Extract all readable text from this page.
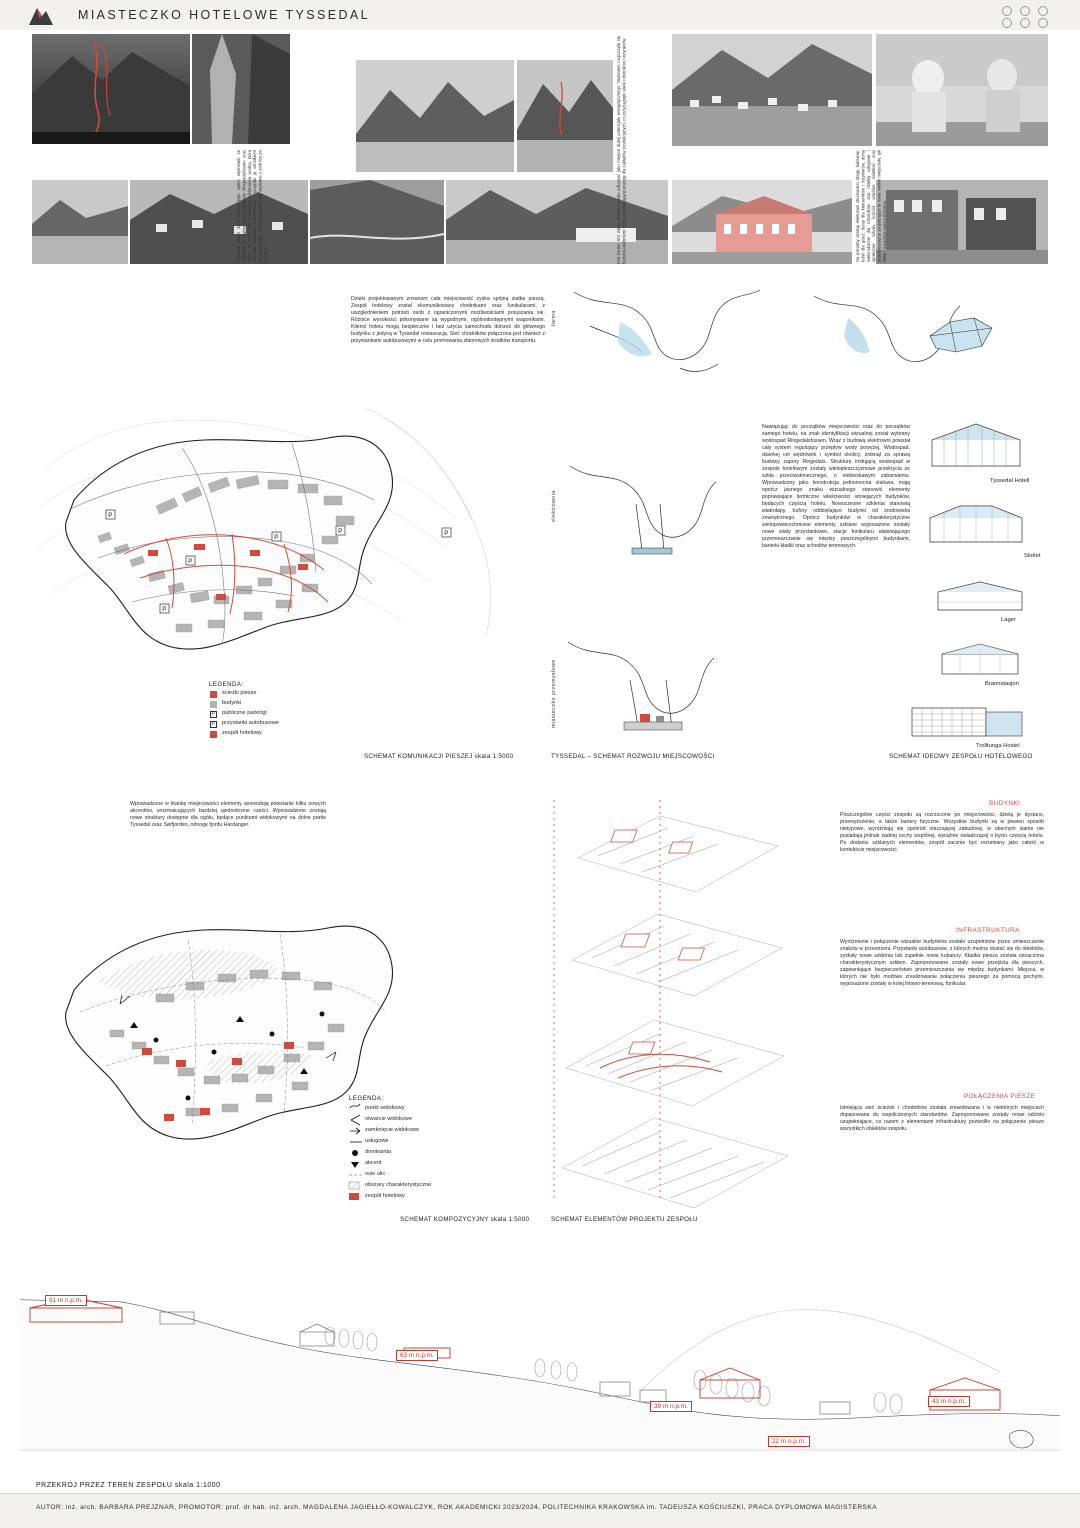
MIASTECZKO HOTELOWE TYSSEDAL
Tyssedal przed 1900 rokiem było celem wędrówek ze względu na malownicze wodospady Ringedalsfossen oraz Tysso. W 1906 roku zbudowano elektrownię wodną, która zmieniła charakter miejscowości i uczyniła ją ośrodkiem przemysłowym. Baza wypadowa była zapisana z podróży po Norwegii.	Pod koniec XIX wieku okolica zaczęła odkrywać jako miejsce dużej potencjału energetycznego. Nadaniem rozpoczęła się budowa elektrowni Tyssø, zapewniającej energię dla zakładów produkcyjnych, co przyciągnęło wielu robotników i inżynierów.	Na potrzeby obsługi elektrowni zbudowano drogę, ładownię, hotel dla gości, domy dla kierowników i inżynierów, domy wielorodzinne dla robotników oraz obiekty usługowe i społeczne: szkoła, kościół, wspólne świetlice oraz przedsięwzięcia zaopatrujące te nowe wielkie miejscówki, jak sklep - kawiarnia Hanna Eriksena.
Dzięki projektowanym zmianom cała miejscowość zyska spójną siatkę pieszą. Zespół hotelowy został skomunikowany chodnikami oraz funikularami, z uwzględnieniem potrzeb osób z ograniczonymi możliwościami poruszania się. Różnice wysokości pokonywane są wygodnymi, ogólnodostępnymi wagonikami. Klienci hotelu mogą bezpiecznie i bez użycia samochodu dotrzeć do głównego budynku z jedyną w Tyssedal restauracją. Sieć chodników połączona jest również z przystankami autobusowymi w celu promowania zbiorowych środków transportu.
farma
elektrownia
miasteczko przemysłowe
Nawiązując do początków miejscowości oraz do początków samego hotelu, na znak identyfikacji wizualnej został wybrany wodospad Ringedalsfossen. Wraz z budową elektrowni powstał cały system regulujący przepływ wody powyżej. Wodospad, dawniej cel wędrówek i symbol okolicy, zniknął za sprawą budowy zapory Ringedals. Strukturę imitującą wodospad w zespole hotelowym zostały wielopleszczyznowe przekrycia ze szkła przeciwsłonecznego, o niebieskawym zabarwieniu. Wprowadzony jako konstrukcja jednomocna stalowa, mają oprócz jasnego znaku wizualnego stanowić elementy poprawiające termiczne właściwości istniejących budynków, będących częścią hotelu. Nowoczesne szklenia stanowią wiatrołapy, bufory oddzielające budynki od środowiska zewnętrznego. Oprócz budynków w charakterystyczne wielopowierzchniowe elementy szklane wyposażone zostały nowe wiaty przystankowe, stacje funikularu ułatwiającego przemieszczanie się między poszczególnymi budynkami, barierki kładki oraz schodów terenowych.
Tyssedal Hotell
Slottet
Lager
Brannstasjon
Trolltunga Hostel
P
P
P
P	P
P
LEGENDA:
ścieżki piesze
budynki
P publiczne parkingi
P przystanki autobusowe
zespół hotelowy
SCHEMAT KOMUNIKACJI PIESZEJ skala 1:5000	TYSSEDAL – SCHEMAT ROZWOJU MIEJSCOWOŚCI	SCHEMAT IDEOWY ZESPOŁU HOTELOWEGO
Wprowadzone w tkankę miejscowości elementy spowodują powstanie kilku nowych akcentów, urozmaicających bardziej ujednolicone części. Wprowadzone zostają nowe struktury dostępne dla ogółu, będące punktami widokowymi na dolne partie Tyssedal oraz Sørfjorden, odnogę fjordu Hardanger.
LEGENDA:
punkt widokowy
otwarcie widokowe
zamknięcie widokowe
usługowe
dominanta
akcent
osie ulic
obszary charakterystyczne
zespół hotelowy
BUDYNKI
Poszczególne części zespołu są rozrzucone po miejscowości, dzielą je dystans, przewyższenie, a także bariery fizyczne. Wszystkie budynki są w pewien sposób nietypowe, wyróżniają się spośród otaczającej zabudowy, w obecnym stanie nie posiadają jednak żadnej cechy wspólnej, wyraźnie świadczącej o byciu częścią hotelu. Po dodaniu szklanych elementów, zespół zacznie być rozumiany jako całość w kontekście miejscowości.
INFRASTRUKTURA
Wyróżnienie i połączenie wizualne budynków zostało uzupełnione przez umieszczenie znaków w przestrzeni. Przystanki autobusowe, z których można dostać się do obiektów, zyskały nowe szklenia lub zupełnie nowe kubatury. Kładka piesza została oznaczona charakterystycznym szkłem. Zaproponowane zostały nowe przejścia dla pieszych, zapewniające bezpieczeństwo przemieszczania się między budynkami. Miejsca, w których nie było możliwe zrealizowanie połączenia pieszego za pomocą pochylni, wyposażone zostały w kolej linowo-terenową, funikular.
POŁĄCZENIA PIESZE
Istniejąca sieć ścieżek i chodników została zrewidowana i w niektórych miejscach dopasowana do współczesnych standardów. Zaproponowane zostały nowe odcinki uzupełniające, co razem z elementami infrastruktury pozwoliło na połączenie piesze wszystkich obiektów zespołu.
SCHEMAT KOMPOZYCYJNY skala 1:5000	SCHEMAT ELEMENTÓW PROJEKTU ZESPOŁU
91 m n.p.m.
63 m n.p.m.
39 m n.p.m.
22 m n.p.m.
43 m n.p.m.
PRZEKRÓJ PRZEZ TEREN ZESPOŁU skala 1:1000
AUTOR: inż. arch. BARBARA PREJZNAR, PROMOTOR: prof. dr hab. inż. arch. MAGDALENA JAGIEŁŁO-KOWALCZYK, ROK AKADEMICKI 2023/2024, POLITECHNIKA KRAKOWSKA im. TADEUSZA KOŚCIUSZKI, PRACA DYPLOMOWA MAGISTERSKA
